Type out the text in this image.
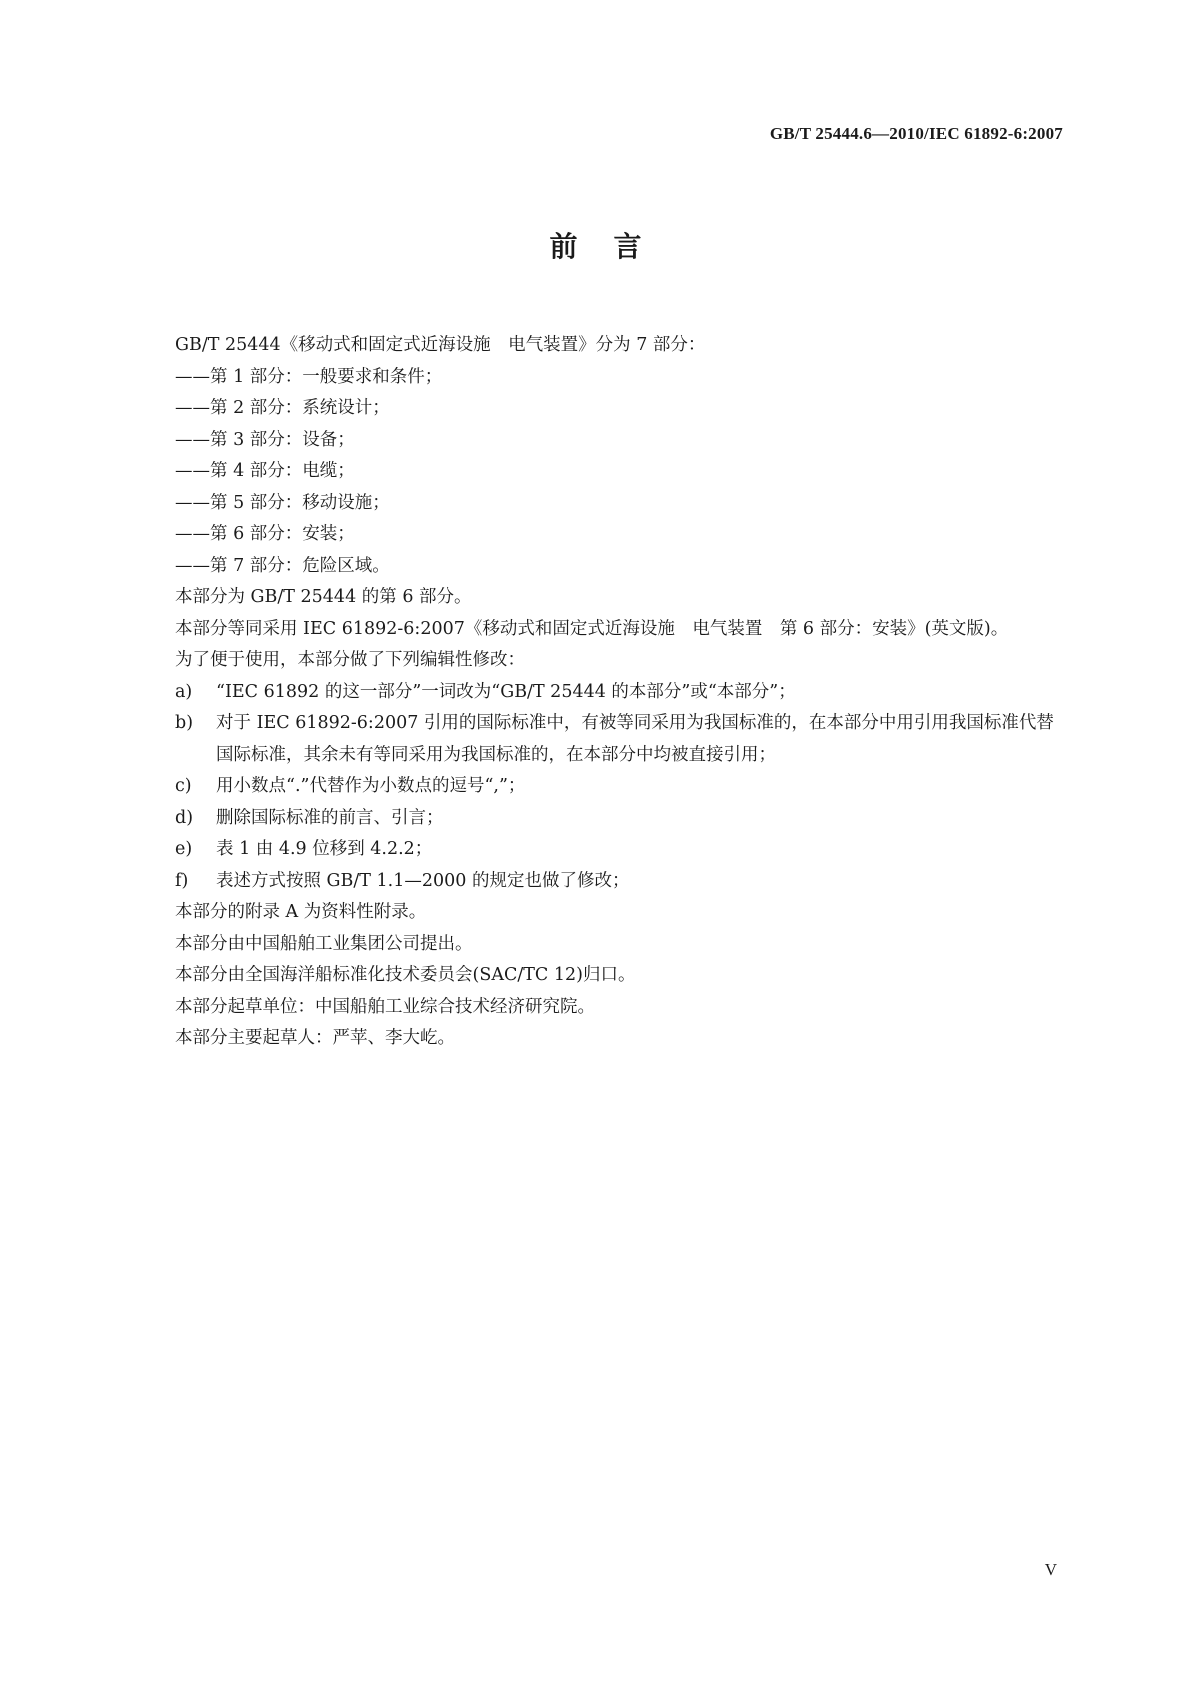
GB/T 25444.6—2010/IEC 61892-6:2007
前言

GB/T 25444《移动式和固定式近海设施　电气装置》分为 7 部分：

——第 1 部分：一般要求和条件；

——第 2 部分：系统设计；

——第 3 部分：设备；

——第 4 部分：电缆；

——第 5 部分：移动设施；

——第 6 部分：安装；

——第 7 部分：危险区域。

本部分为 GB/T 25444 的第 6 部分。

本部分等同采用 IEC 61892-6:2007《移动式和固定式近海设施　电气装置　第 6 部分：安装》(英文版)。

为了便于使用，本部分做了下列编辑性修改：

a) “IEC 61892 的这一部分”一词改为“GB/T 25444 的本部分”或“本部分”；

b) 对于 IEC 61892-6:2007 引用的国际标准中，有被等同采用为我国标准的，在本部分中用引用我国标准代替国际标准，其余未有等同采用为我国标准的，在本部分中均被直接引用；

c) 用小数点“.”代替作为小数点的逗号“,”；

d) 删除国际标准的前言、引言；

e) 表 1 由 4.9 位移到 4.2.2；

f) 表述方式按照 GB/T 1.1—2000 的规定也做了修改；

本部分的附录 A 为资料性附录。

本部分由中国船舶工业集团公司提出。

本部分由全国海洋船标准化技术委员会(SAC/TC 12)归口。

本部分起草单位：中国船舶工业综合技术经济研究院。

本部分主要起草人：严苹、李大屹。

V
